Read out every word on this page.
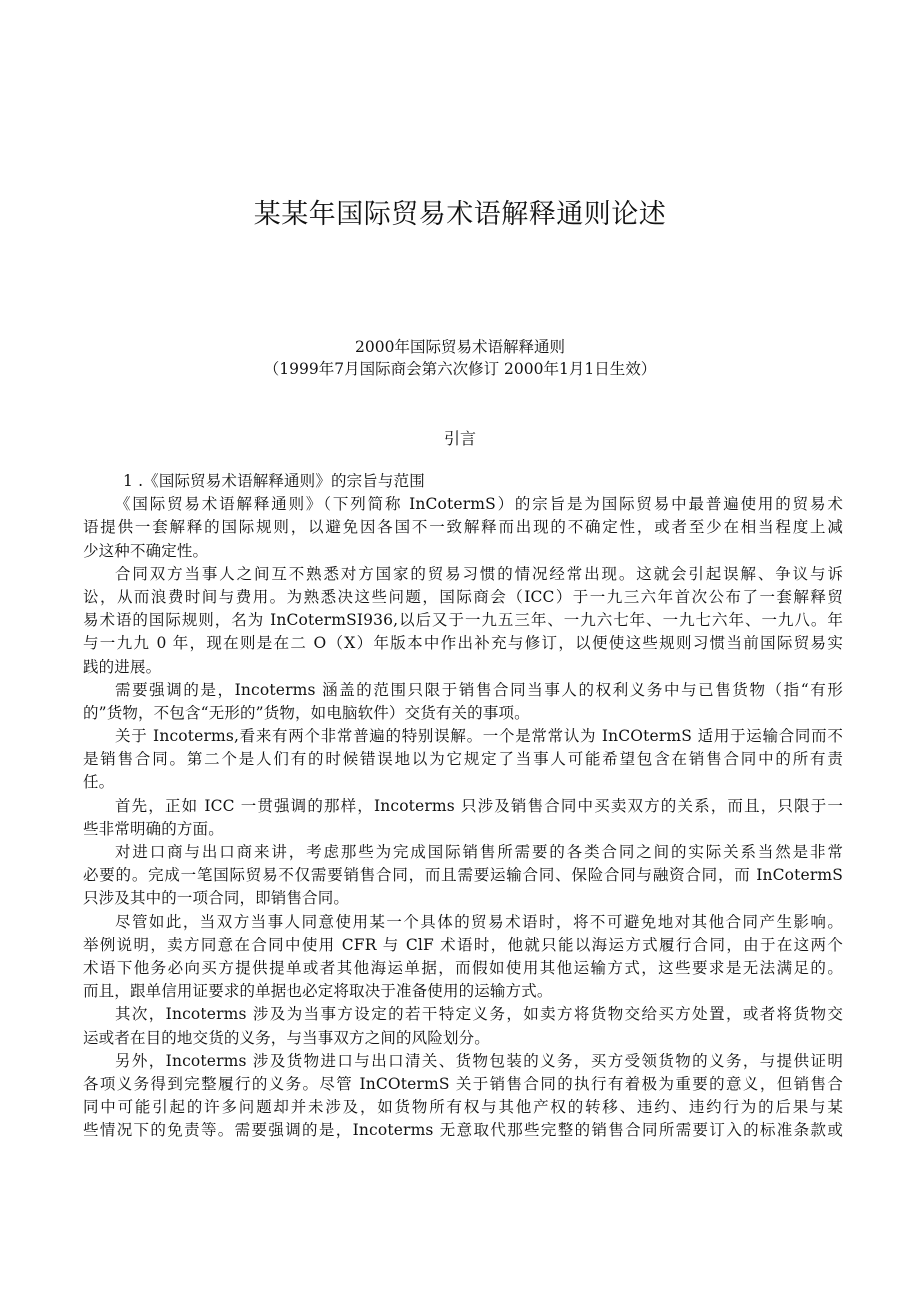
某某年国际贸易术语解释通则论述

2000年国际贸易术语解释通则

（1999年7月国际商会第六次修订 2000年1月1日生效）

引言
1 .《国际贸易术语解释通则》的宗旨与范围
《国际贸易术语解释通则》（下列简称 InCotermS）的宗旨是为国际贸易中最普遍使用的贸易术
语提供一套解释的国际规则，以避免因各国不一致解释而出现的不确定性，或者至少在相当程度上减
少这种不确定性。
合同双方当事人之间互不熟悉对方国家的贸易习惯的情况经常出现。这就会引起误解、争议与诉
讼，从而浪费时间与费用。为熟悉决这些问题，国际商会（ICC）于一九三六年首次公布了一套解释贸
易术语的国际规则，名为 InCotermSI936,以后又于一九五三年、一九六七年、一九七六年、一九八。年
与一九九 0 年，现在则是在二 O（X）年版本中作出补充与修订，以便使这些规则习惯当前国际贸易实
践的进展。
需要强调的是，Incoterms 涵盖的范围只限于销售合同当事人的权利义务中与已售货物（指“有形
的”货物，不包含“无形的”货物，如电脑软件）交货有关的事项。
关于 Incoterms,看来有两个非常普遍的特别误解。一个是常常认为 InCOtermS 适用于运输合同而不
是销售合同。第二个是人们有的时候错误地以为它规定了当事人可能希望包含在销售合同中的所有责
任。
首先，正如 ICC 一贯强调的那样，Incoterms 只涉及销售合同中买卖双方的关系，而且，只限于一
些非常明确的方面。
对进口商与出口商来讲，考虑那些为完成国际销售所需要的各类合同之间的实际关系当然是非常
必要的。完成一笔国际贸易不仅需要销售合同，而且需要运输合同、保险合同与融资合同，而 InCotermS
只涉及其中的一项合同，即销售合同。
尽管如此，当双方当事人同意使用某一个具体的贸易术语时，将不可避免地对其他合同产生影响。
举例说明，卖方同意在合同中使用 CFR 与 ClF 术语时，他就只能以海运方式履行合同，由于在这两个
术语下他务必向买方提供提单或者其他海运单据，而假如使用其他运输方式，这些要求是无法满足的。
而且，跟单信用证要求的单据也必定将取决于准备使用的运输方式。
其次，Incoterms 涉及为当事方设定的若干特定义务，如卖方将货物交给买方处置，或者将货物交
运或者在目的地交货的义务，与当事双方之间的风险划分。
另外，Incoterms 涉及货物进口与出口清关、货物包装的义务，买方受领货物的义务，与提供证明
各项义务得到完整履行的义务。尽管 InCOtermS 关于销售合同的执行有着极为重要的意义，但销售合
同中可能引起的许多问题却并未涉及，如货物所有权与其他产权的转移、违约、违约行为的后果与某
些情况下的免责等。需要强调的是，Incoterms 无意取代那些完整的销售合同所需要订入的标准条款或
